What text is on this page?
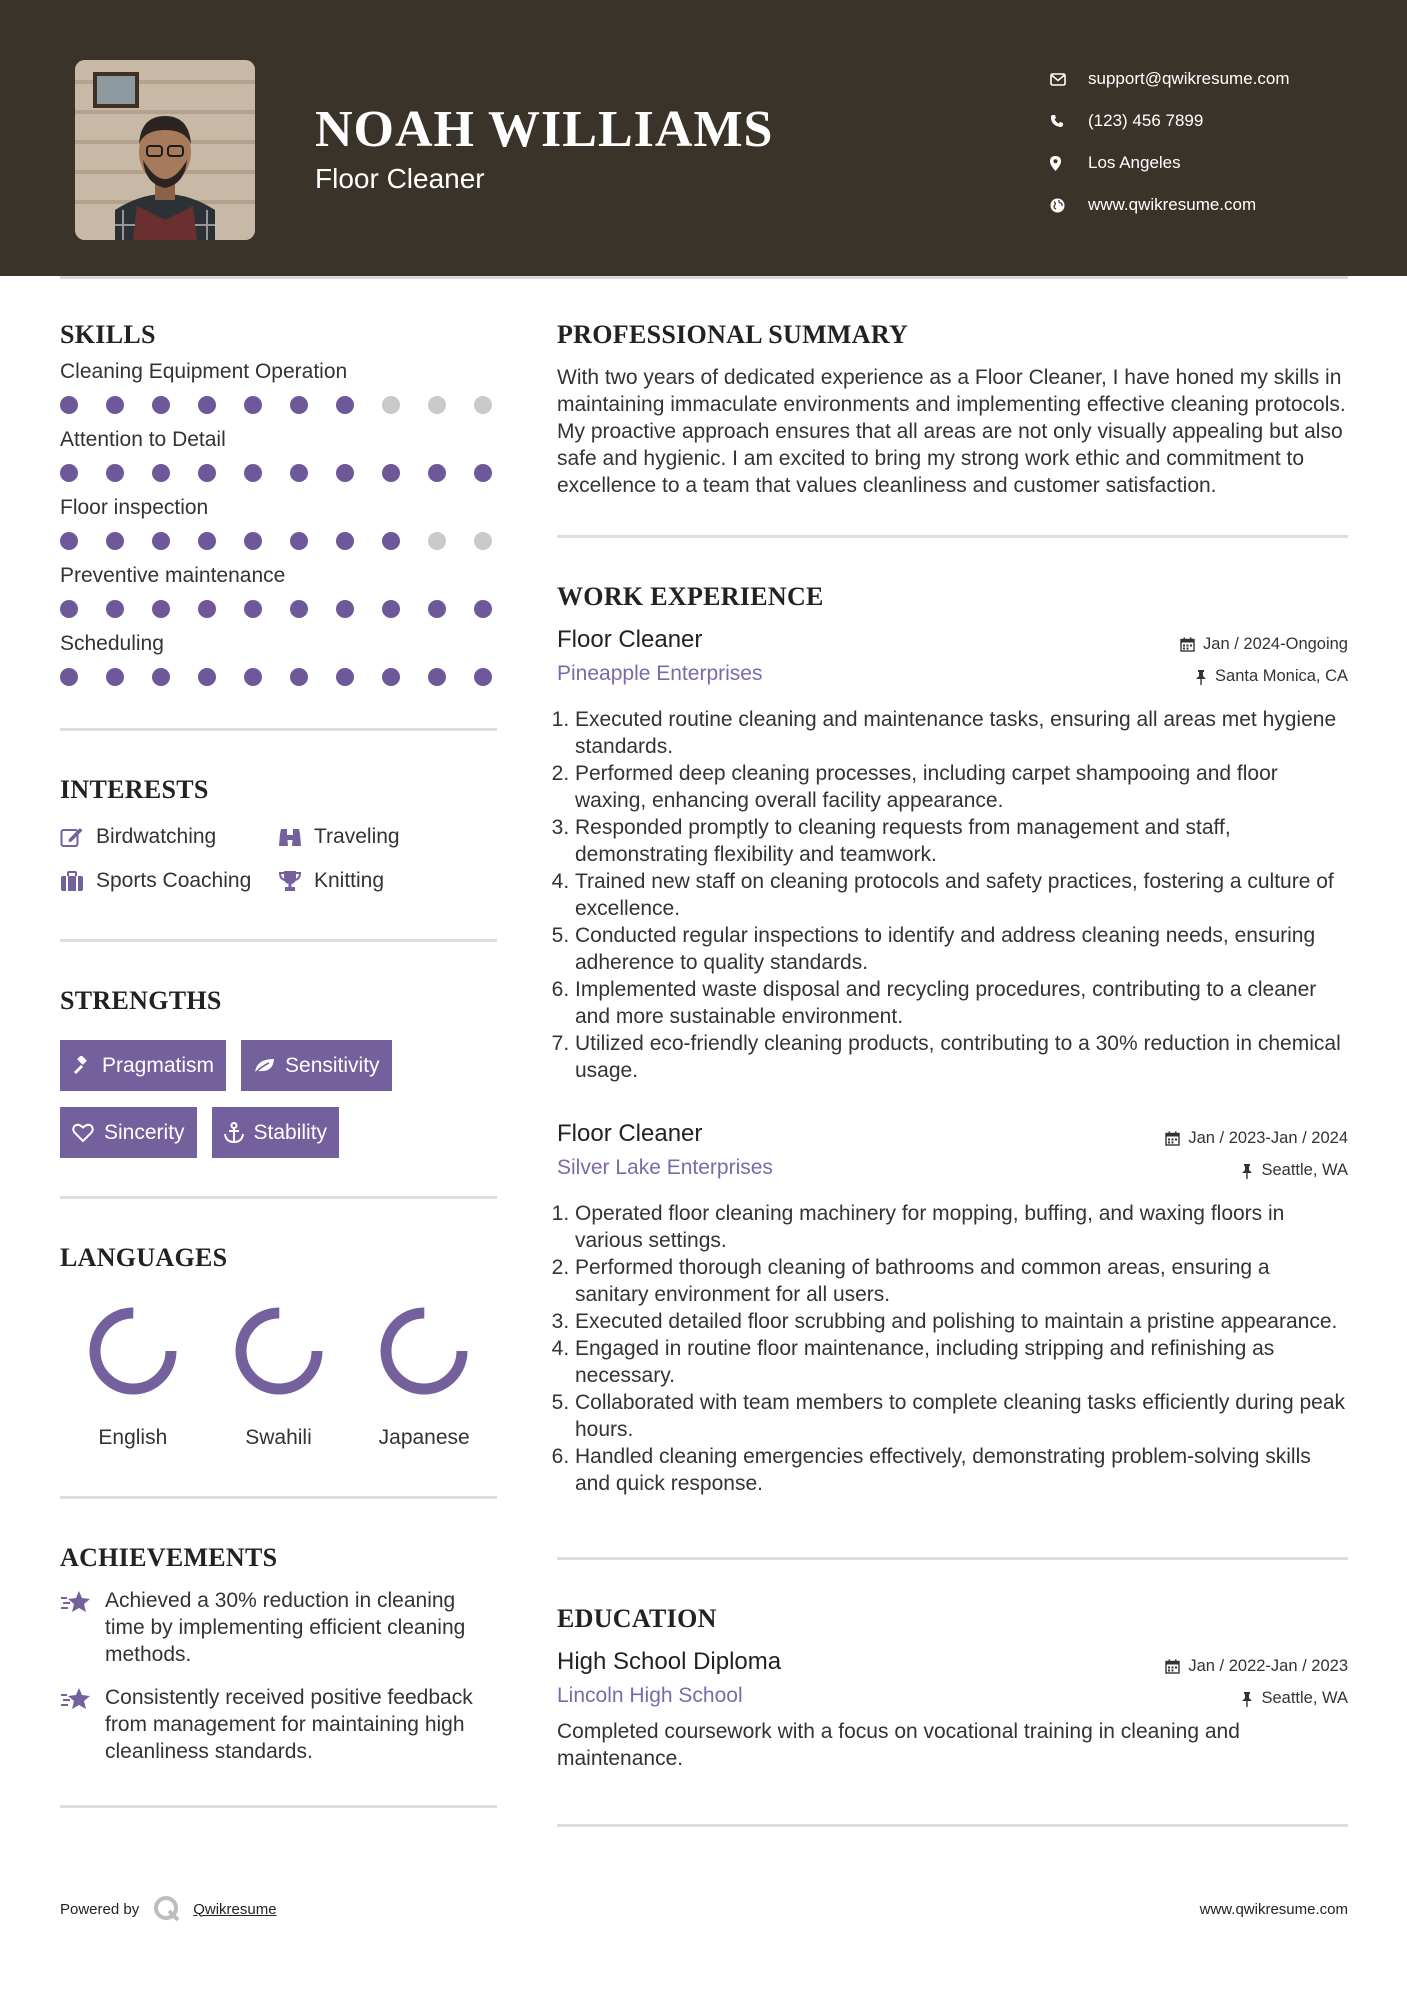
NOAH WILLIAMS
Floor Cleaner
support@qwikresume.com
(123) 456 7899
Los Angeles
www.qwikresume.com
SKILLS
Cleaning Equipment Operation
Attention to Detail
Floor inspection
Preventive maintenance
Scheduling
INTERESTS
Birdwatching	Traveling
Sports Coaching	Knitting
STRENGTHS
Pragmatism	Sensitivity
Sincerity	Stability
LANGUAGES
English	Swahili	Japanese
ACHIEVEMENTS
Achieved a 30% reduction in cleaning time by implementing efficient cleaning methods.
Consistently received positive feedback from management for maintaining high cleanliness standards.
PROFESSIONAL SUMMARY
With two years of dedicated experience as a Floor Cleaner, I have honed my skills in maintaining immaculate environments and implementing effective cleaning protocols. My proactive approach ensures that all areas are not only visually appealing but also safe and hygienic. I am excited to bring my strong work ethic and commitment to excellence to a team that values cleanliness and customer satisfaction.
WORK EXPERIENCE
Floor Cleaner	Jan / 2024-Ongoing
Pineapple Enterprises	Santa Monica, CA
1. Executed routine cleaning and maintenance tasks, ensuring all areas met hygiene standards.
2. Performed deep cleaning processes, including carpet shampooing and floor waxing, enhancing overall facility appearance.
3. Responded promptly to cleaning requests from management and staff, demonstrating flexibility and teamwork.
4. Trained new staff on cleaning protocols and safety practices, fostering a culture of excellence.
5. Conducted regular inspections to identify and address cleaning needs, ensuring adherence to quality standards.
6. Implemented waste disposal and recycling procedures, contributing to a cleaner and more sustainable environment.
7. Utilized eco-friendly cleaning products, contributing to a 30% reduction in chemical usage.
Floor Cleaner	Jan / 2023-Jan / 2024
Silver Lake Enterprises	Seattle, WA
1. Operated floor cleaning machinery for mopping, buffing, and waxing floors in various settings.
2. Performed thorough cleaning of bathrooms and common areas, ensuring a sanitary environment for all users.
3. Executed detailed floor scrubbing and polishing to maintain a pristine appearance.
4. Engaged in routine floor maintenance, including stripping and refinishing as necessary.
5. Collaborated with team members to complete cleaning tasks efficiently during peak hours.
6. Handled cleaning emergencies effectively, demonstrating problem-solving skills and quick response.
EDUCATION
High School Diploma	Jan / 2022-Jan / 2023
Lincoln High School	Seattle, WA
Completed coursework with a focus on vocational training in cleaning and maintenance.
Powered by	Qwikresume	www.qwikresume.com
